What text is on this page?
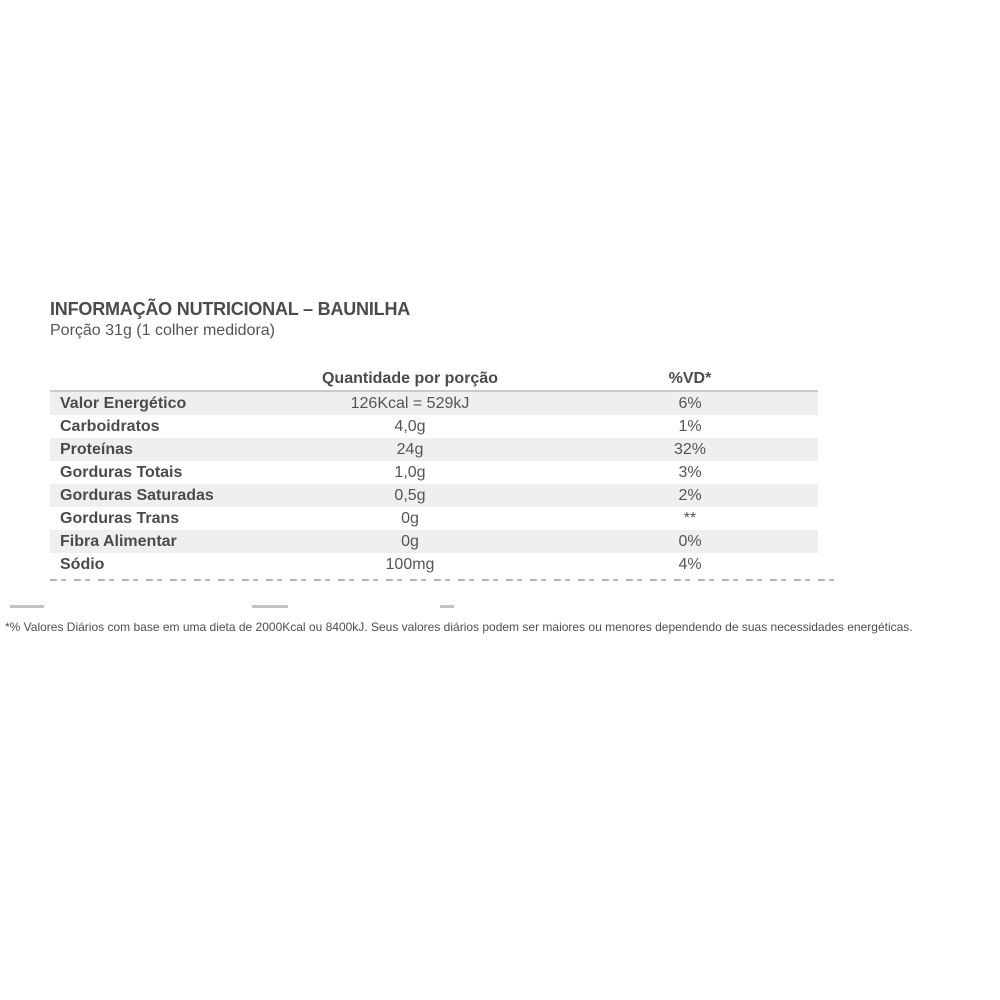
INFORMAÇÃO NUTRICIONAL – BAUNILHA
Porção 31g (1 colher medidora)
Quantidade por porção	%VD*
Valor Energético	126Kcal = 529kJ	6%
Carboidratos	4,0g	1%
Proteínas	24g	32%
Gorduras Totais	1,0g	3%
Gorduras Saturadas	0,5g	2%
Gorduras Trans	0g	**
Fibra Alimentar	0g	0%
Sódio	100mg	4%
*% Valores Diários com base em uma dieta de 2000Kcal ou 8400kJ. Seus valores diários podem ser maiores ou menores dependendo de suas necessidades energéticas.
